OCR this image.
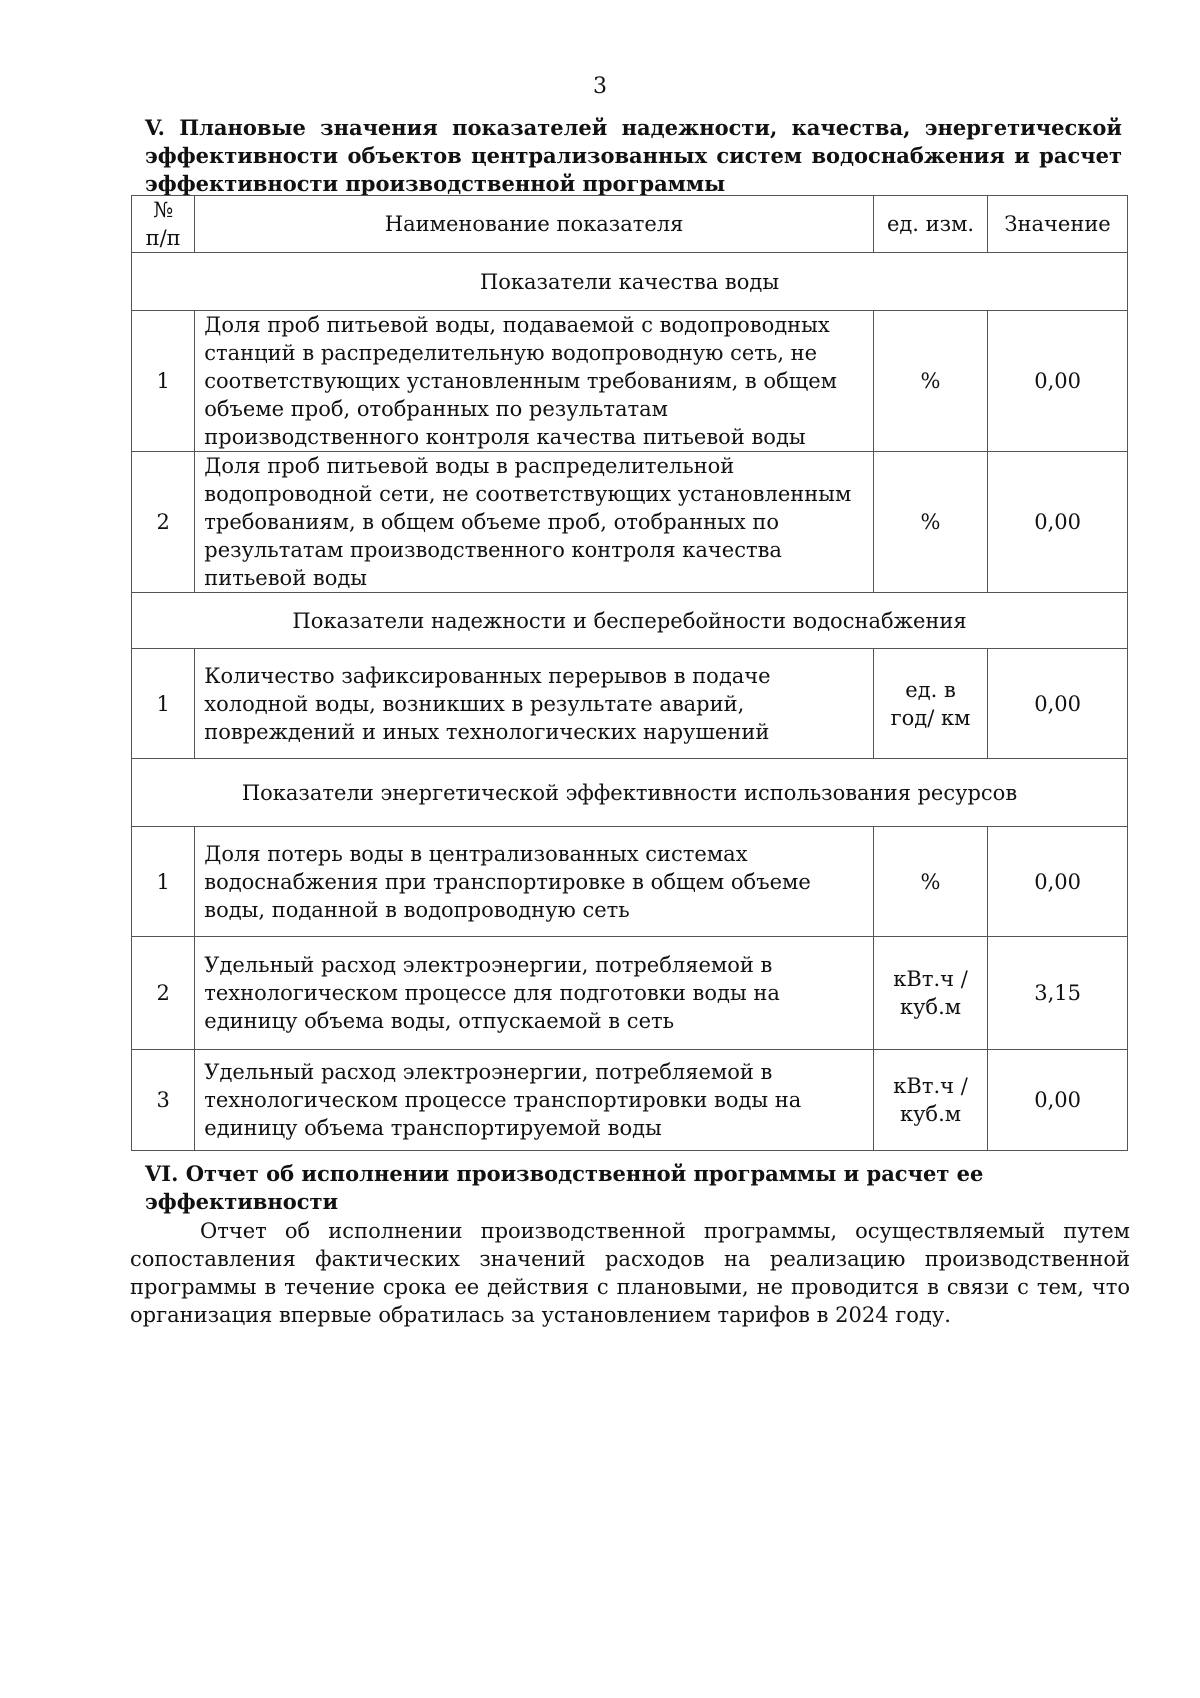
3
V. Плановые значения показателей надежности, качества, энергетической эффективности объектов централизованных систем водоснабжения и расчет эффективности производственной программы
№ п/п	Наименование показателя	ед. изм.	Значение
Показатели качества воды			
1	Доля проб питьевой воды, подаваемой с водопроводных станций в распределительную водопроводную сеть, не соответствующих установленным требованиям, в общем объеме проб, отобранных по результатам производственного контроля качества питьевой воды	%	0,00
2	Доля проб питьевой воды в распределительной водопроводной сети, не соответствующих установленным требованиям, в общем объеме проб, отобранных по результатам производственного контроля качества питьевой воды	%	0,00
Показатели надежности и бесперебойности водоснабжения			
1	Количество зафиксированных перерывов в подаче холодной воды, возникших в результате аварий, повреждений и иных технологических нарушений	ед. в год/ км	0,00
Показатели энергетической эффективности использования ресурсов			
1	Доля потерь воды в централизованных системах водоснабжения при транспортировке в общем объеме воды, поданной в водопроводную сеть	%	0,00
2	Удельный расход электроэнергии, потребляемой в технологическом процессе для подготовки воды на единицу объема воды, отпускаемой в сеть	кВт.ч / куб.м	3,15
3	Удельный расход электроэнергии, потребляемой в технологическом процессе транспортировки воды на единицу объема транспортируемой воды	кВт.ч / куб.м	0,00
VI. Отчет об исполнении производственной программы и расчет ее эффективности

Отчет об исполнении производственной программы, осуществляемый путем сопоставления фактических значений расходов на реализацию производственной программы в течение срока ее действия с плановыми, не проводится в связи с тем, что организация впервые обратилась за установлением тарифов в 2024 году.
